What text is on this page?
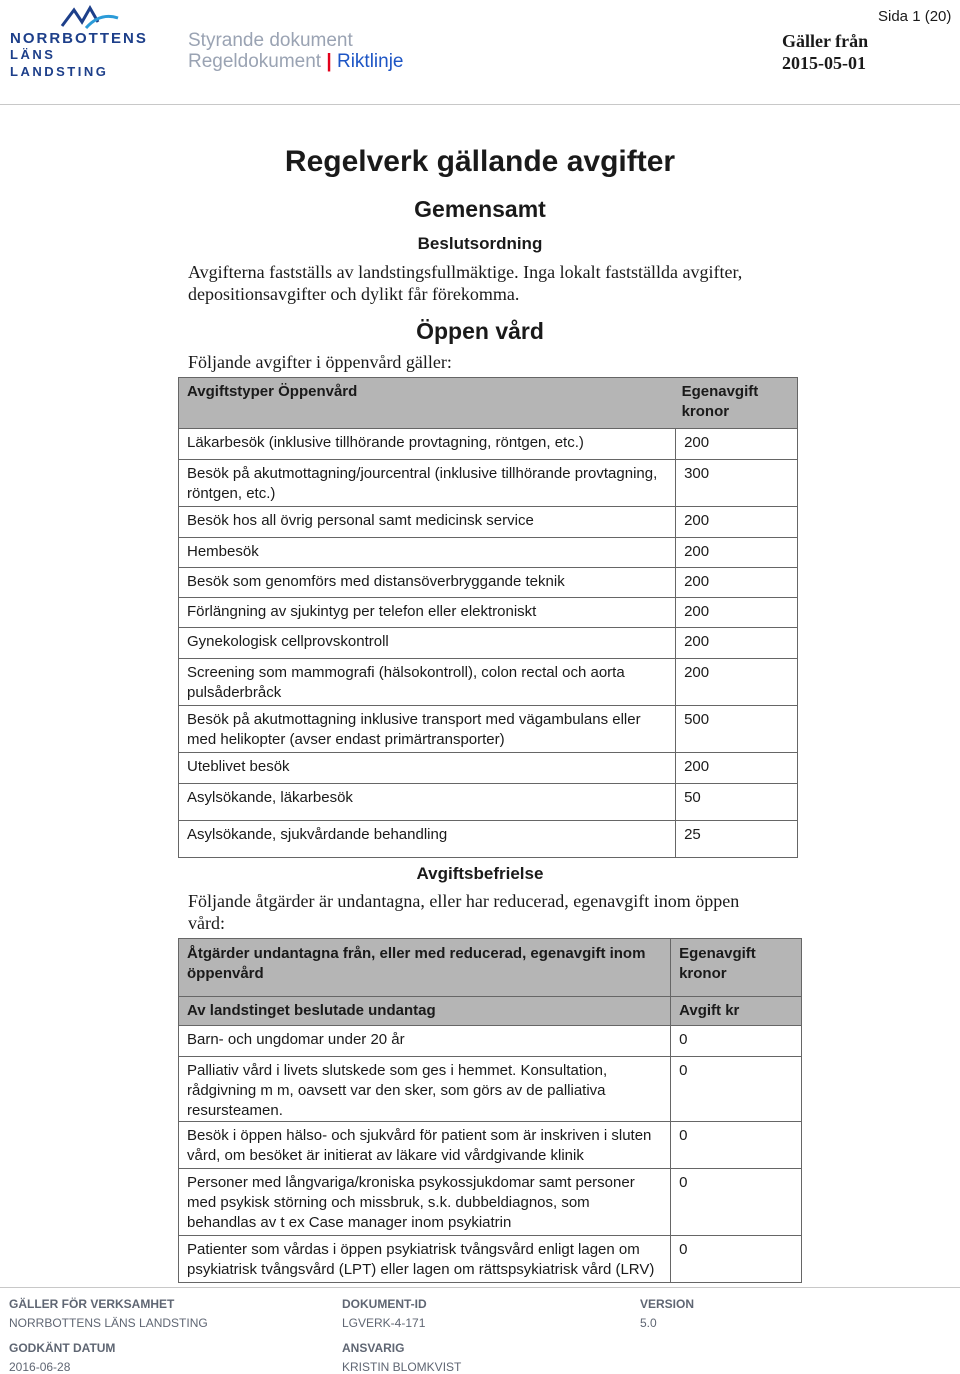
NORRBOTTENS
LÄNS LANDSTING
Styrande dokument
Regeldokument | Riktlinje
Gäller från
2015-05-01
Sida 1 (20)
Regelverk gällande avgifter
Gemensamt
Beslutsordning
Avgifterna fastställs av landstingsfullmäktige. Inga lokalt fastställda avgifter,
depositionsavgifter och dylikt får förekomma.
Öppen vård
Följande avgifter i öppenvård gäller:
Avgiftstyper Öppenvård	Egenavgift
kronor

Läkarbesök (inklusive tillhörande provtagning, röntgen, etc.)	200
Besök på akutmottagning/jourcentral (inklusive tillhörande provtagning, röntgen, etc.)	300
Besök hos all övrig personal samt medicinsk service	200
Hembesök	200
Besök som genomförs med distansöverbryggande teknik	200
Förlängning av sjukintyg per telefon eller elektroniskt	200
Gynekologisk cellprovskontroll	200
Screening som mammografi (hälsokontroll), colon rectal och aorta pulsåderbråck	200
Besök på akutmottagning inklusive transport med vägambulans eller med helikopter (avser endast primärtransporter)	500
Uteblivet besök	200
Asylsökande, läkarbesök	50
Asylsökande, sjukvårdande behandling	25
Avgiftsbefrielse
Följande åtgärder är undantagna, eller har reducerad, egenavgift inom öppen
vård:
Åtgärder undantagna från, eller med reducerad, egenavgift inom öppenvård	Egenavgift kronor
Av landstinget beslutade undantag	Avgift kr
Barn- och ungdomar under 20 år	0
Palliativ vård i livets slutskede som ges i hemmet. Konsultation, rådgivning m m, oavsett var den sker, som görs av de palliativa resursteamen.	0
Besök i öppen hälso- och sjukvård för patient som är inskriven i sluten vård, om besöket är initierat av läkare vid vårdgivande klinik	0
Personer med långvariga/kroniska psykossjukdomar samt personer med psykisk störning och missbruk, s.k. dubbeldiagnos, som behandlas av t ex Case manager inom psykiatrin	0
Patienter som vårdas i öppen psykiatrisk tvångsvård enligt lagen om psykiatrisk tvångsvård (LPT) eller lagen om rättspsykiatrisk vård (LRV)	0
GÄLLER FÖR VERKSAMHET
NORRBOTTENS LÄNS LANDSTING
DOKUMENT-ID
LGVERK-4-171
VERSION
5.0
GODKÄNT DATUM
2016-06-28
ANSVARIG
KRISTIN BLOMKVIST
